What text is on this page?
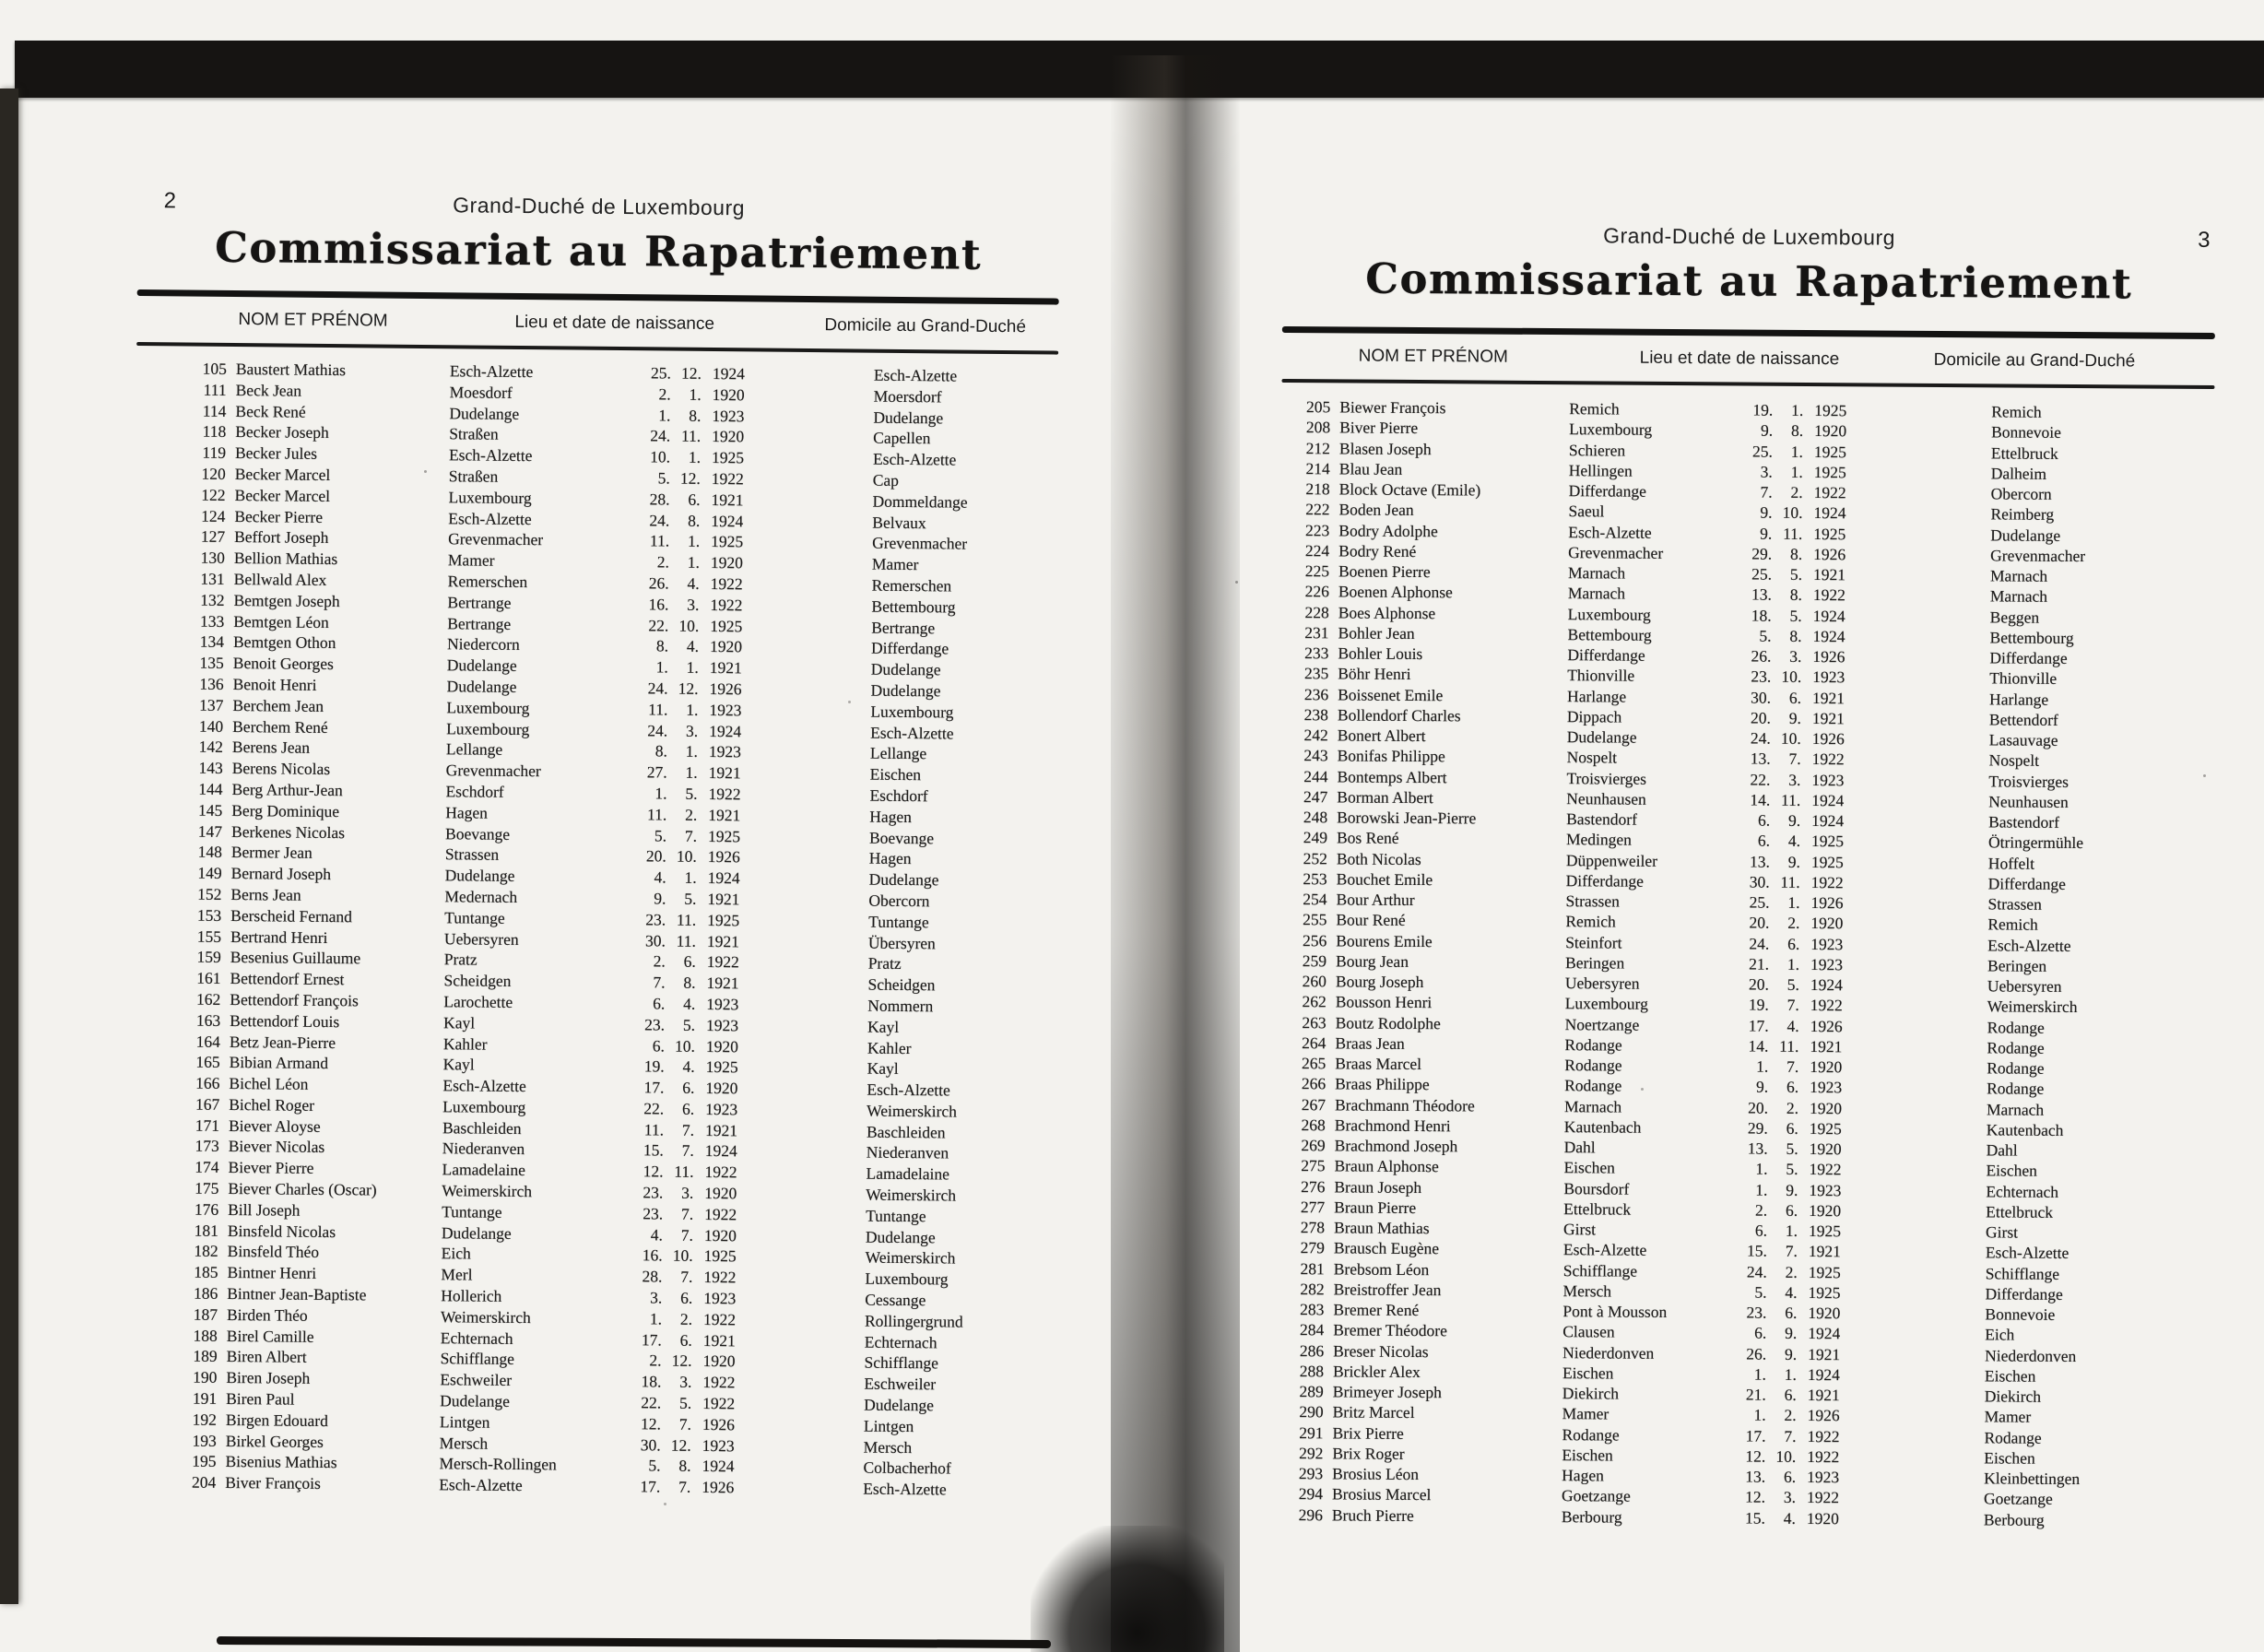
2	Grand-Duché de Luxembourg
Commissariat au Rapatriement
NOM ET PRÉNOM	Lieu et date de naissance	Domicile au Grand-Duché
105 Baustert Mathias	Esch-Alzette	25. 12. 1924	Esch-Alzette
111 Beck Jean	Moesdorf	2. 1. 1920	Moersdorf
114 Beck René	Dudelange	1. 8. 1923	Dudelange
118 Becker Joseph	Straßen	24. 11. 1920	Capellen
119 Becker Jules	Esch-Alzette	10. 1. 1925	Esch-Alzette
120 Becker Marcel	Straßen	5. 12. 1922	Cap
122 Becker Marcel	Luxembourg	28. 6. 1921	Dommeldange
124 Becker Pierre	Esch-Alzette	24. 8. 1924	Belvaux
127 Beffort Joseph	Grevenmacher	11. 1. 1925	Grevenmacher
130 Bellion Mathias	Mamer	2. 1. 1920	Mamer
131 Bellwald Alex	Remerschen	26. 4. 1922	Remerschen
132 Bemtgen Joseph	Bertrange	16. 3. 1922	Bettembourg
133 Bemtgen Léon	Bertrange	22. 10. 1925	Bertrange
134 Bemtgen Othon	Niedercorn	8. 4. 1920	Differdange
135 Benoit Georges	Dudelange	1. 1. 1921	Dudelange
136 Benoit Henri	Dudelange	24. 12. 1926	Dudelange
137 Berchem Jean	Luxembourg	11. 1. 1923	Luxembourg
140 Berchem René	Luxembourg	24. 3. 1924	Esch-Alzette
142 Berens Jean	Lellange	8. 1. 1923	Lellange
143 Berens Nicolas	Grevenmacher	27. 1. 1921	Eischen
144 Berg Arthur-Jean	Eschdorf	1. 5. 1922	Eschdorf
145 Berg Dominique	Hagen	11. 2. 1921	Hagen
147 Berkenes Nicolas	Boevange	5. 7. 1925	Boevange
148 Bermer Jean	Strassen	20. 10. 1926	Hagen
149 Bernard Joseph	Dudelange	4. 1. 1924	Dudelange
152 Berns Jean	Medernach	9. 5. 1921	Obercorn
153 Berscheid Fernand	Tuntange	23. 11. 1925	Tuntange
155 Bertrand Henri	Uebersyren	30. 11. 1921	Übersyren
159 Besenius Guillaume	Pratz	2. 6. 1922	Pratz
161 Bettendorf Ernest	Scheidgen	7. 8. 1921	Scheidgen
162 Bettendorf François	Larochette	6. 4. 1923	Nommern
163 Bettendorf Louis	Kayl	23. 5. 1923	Kayl
164 Betz Jean-Pierre	Kahler	6. 10. 1920	Kahler
165 Bibian Armand	Kayl	19. 4. 1925	Kayl
166 Bichel Léon	Esch-Alzette	17. 6. 1920	Esch-Alzette
167 Bichel Roger	Luxembourg	22. 6. 1923	Weimerskirch
171 Biever Aloyse	Baschleiden	11. 7. 1921	Baschleiden
173 Biever Nicolas	Niederanven	15. 7. 1924	Niederanven
174 Biever Pierre	Lamadelaine	12. 11. 1922	Lamadelaine
175 Biever Charles (Oscar)	Weimerskirch	23. 3. 1920	Weimerskirch
176 Bill Joseph	Tuntange	23. 7. 1922	Tuntange
181 Binsfeld Nicolas	Dudelange	4. 7. 1920	Dudelange
182 Binsfeld Théo	Eich	16. 10. 1925	Weimerskirch
185 Bintner Henri	Merl	28. 7. 1922	Luxembourg
186 Bintner Jean-Baptiste	Hollerich	3. 6. 1923	Cessange
187 Birden Théo	Weimerskirch	1. 2. 1922	Rollingergrund
188 Birel Camille	Echternach	17. 6. 1921	Echternach
189 Biren Albert	Schifflange	2. 12. 1920	Schifflange
190 Biren Joseph	Eschweiler	18. 3. 1922	Eschweiler
191 Biren Paul	Dudelange	22. 5. 1922	Dudelange
192 Birgen Edouard	Lintgen	12. 7. 1926	Lintgen
193 Birkel Georges	Mersch	30. 12. 1923	Mersch
195 Bisenius Mathias	Mersch-Rollingen	5. 8. 1924	Colbacherhof
204 Biver François	Esch-Alzette	17. 7. 1926	Esch-Alzette
3
Grand-Duché de Luxembourg
Commissariat au Rapatriement
NOM ET PRÉNOM	Lieu et date de naissance	Domicile au Grand-Duché
205 Biewer François	Remich	19. 1. 1925	Remich
208 Biver Pierre	Luxembourg	9. 8. 1920	Bonnevoie
212 Blasen Joseph	Schieren	25. 1. 1925	Ettelbruck
214 Blau Jean	Hellingen	3. 1. 1925	Dalheim
218 Block Octave (Emile)	Differdange	7. 2. 1922	Obercorn
222 Boden Jean	Saeul	9. 10. 1924	Reimberg
223 Bodry Adolphe	Esch-Alzette	9. 11. 1925	Dudelange
224 Bodry René	Grevenmacher	29. 8. 1926	Grevenmacher
225 Boenen Pierre	Marnach	25. 5. 1921	Marnach
226 Boenen Alphonse	Marnach	13. 8. 1922	Marnach
228 Boes Alphonse	Luxembourg	18. 5. 1924	Beggen
231 Bohler Jean	Bettembourg	5. 8. 1924	Bettembourg
233 Bohler Louis	Differdange	26. 3. 1926	Differdange
235 Böhr Henri	Thionville	23. 10. 1923	Thionville
236 Boissenet Emile	Harlange	30. 6. 1921	Harlange
238 Bollendorf Charles	Dippach	20. 9. 1921	Bettendorf
242 Bonert Albert	Dudelange	24. 10. 1926	Lasauvage
243 Bonifas Philippe	Nospelt	13. 7. 1922	Nospelt
244 Bontemps Albert	Troisvierges	22. 3. 1923	Troisvierges
247 Borman Albert	Neunhausen	14. 11. 1924	Neunhausen
248 Borowski Jean-Pierre	Bastendorf	6. 9. 1924	Bastendorf
249 Bos René	Medingen	6. 4. 1925	Ötringermühle
252 Both Nicolas	Düppenweiler	13. 9. 1925	Hoffelt
253 Bouchet Emile	Differdange	30. 11. 1922	Differdange
254 Bour Arthur	Strassen	25. 1. 1926	Strassen
255 Bour René	Remich	20. 2. 1920	Remich
256 Bourens Emile	Steinfort	24. 6. 1923	Esch-Alzette
259 Bourg Jean	Beringen	21. 1. 1923	Beringen
260 Bourg Joseph	Uebersyren	20. 5. 1924	Uebersyren
262 Bousson Henri	Luxembourg	19. 7. 1922	Weimerskirch
263 Boutz Rodolphe	Noertzange	17. 4. 1926	Rodange
264 Braas Jean	Rodange	14. 11. 1921	Rodange
265 Braas Marcel	Rodange	1. 7. 1920	Rodange
266 Braas Philippe	Rodange	9. 6. 1923	Rodange
267 Brachmann Théodore	Marnach	20. 2. 1920	Marnach
268 Brachmond Henri	Kautenbach	29. 6. 1925	Kautenbach
269 Brachmond Joseph	Dahl	13. 5. 1920	Dahl
275 Braun Alphonse	Eischen	1. 5. 1922	Eischen
276 Braun Joseph	Boursdorf	1. 9. 1923	Echternach
277 Braun Pierre	Ettelbruck	2. 6. 1920	Ettelbruck
278 Braun Mathias	Girst	6. 1. 1925	Girst
279 Brausch Eugène	Esch-Alzette	15. 7. 1921	Esch-Alzette
281 Brebsom Léon	Schifflange	24. 2. 1925	Schifflange
282 Breistroffer Jean	Mersch	5. 4. 1925	Differdange
283 Bremer René	Pont à Mousson	23. 6. 1920	Bonnevoie
284 Bremer Théodore	Clausen	6. 9. 1924	Eich
286 Breser Nicolas	Niederdonven	26. 9. 1921	Niederdonven
288 Brickler Alex	Eischen	1. 1. 1924	Eischen
289 Brimeyer Joseph	Diekirch	21. 6. 1921	Diekirch
290 Britz Marcel	Mamer	1. 2. 1926	Mamer
291 Brix Pierre	Rodange	17. 7. 1922	Rodange
292 Brix Roger	Eischen	12. 10. 1922	Eischen
293 Brosius Léon	Hagen	13. 6. 1923	Kleinbettingen
294 Brosius Marcel	Goetzange	12. 3. 1922	Goetzange
296 Bruch Pierre	Berbourg	15. 4. 1920	Berbourg
